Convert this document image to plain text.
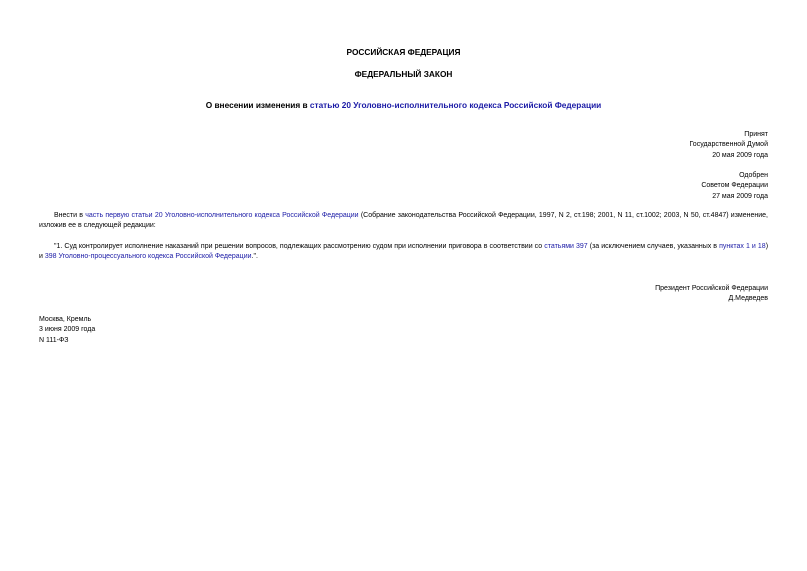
РОССИЙСКАЯ ФЕДЕРАЦИЯ
ФЕДЕРАЛЬНЫЙ ЗАКОН
О внесении изменения в статью 20 Уголовно-исполнительного кодекса Российской Федерации
Принят
Государственной Думой
20 мая 2009 года
Одобрен
Советом Федерации
27 мая 2009 года
Внести в часть первую статьи 20 Уголовно-исполнительного кодекса Российской Федерации (Собрание законодательства Российской Федерации, 1997, N 2, ст.198; 2001, N 11, ст.1002; 2003, N 50, ст.4847) изменение, изложив ее в следующей редакции:
"1. Суд контролирует исполнение наказаний при решении вопросов, подлежащих рассмотрению судом при исполнении приговора в соответствии со статьями 397 (за исключением случаев, указанных в пунктах 1 и 18) и 398 Уголовно-процессуального кодекса Российской Федерации.".
Президент Российской Федерации
Д.Медведев
Москва, Кремль
3 июня 2009 года
N 111-ФЗ
